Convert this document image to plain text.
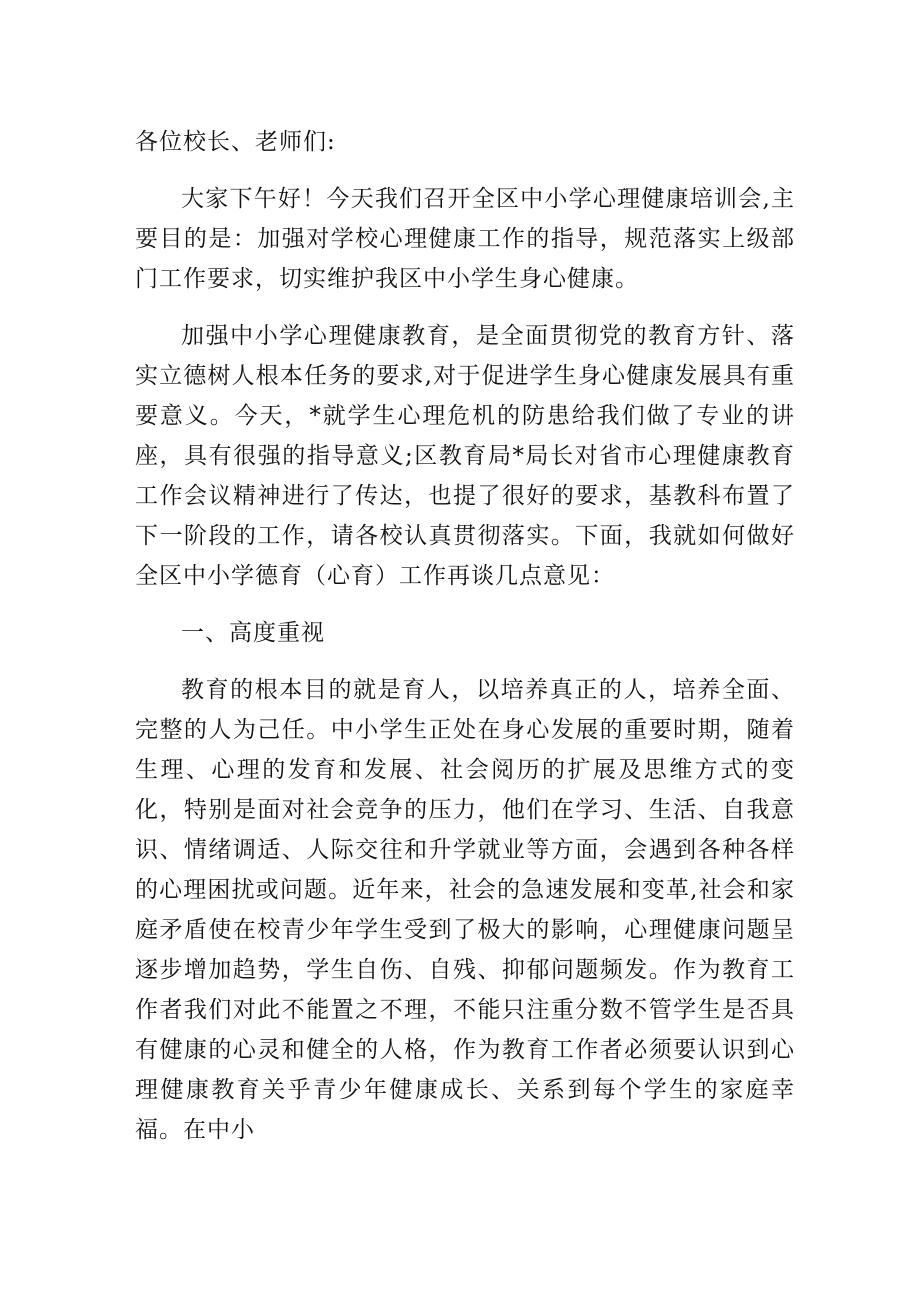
各位校长、老师们:

大家下午好！今天我们召开全区中小学心理健康培训会,主要目的是：加强对学校心理健康工作的指导，规范落实上级部门工作要求，切实维护我区中小学生身心健康。

加强中小学心理健康教育，是全面贯彻党的教育方针、落实立德树人根本任务的要求,对于促进学生身心健康发展具有重要意义。今天，*就学生心理危机的防患给我们做了专业的讲座，具有很强的指导意义;区教育局*局长对省市心理健康教育工作会议精神进行了传达，也提了很好的要求，基教科布置了下一阶段的工作，请各校认真贯彻落实。下面，我就如何做好全区中小学德育（心育）工作再谈几点意见：

一、高度重视

教育的根本目的就是育人，以培养真正的人，培养全面、完整的人为己任。中小学生正处在身心发展的重要时期，随着生理、心理的发育和发展、社会阅历的扩展及思维方式的变化，特别是面对社会竞争的压力，他们在学习、生活、自我意识、情绪调适、人际交往和升学就业等方面，会遇到各种各样的心理困扰或问题。近年来，社会的急速发展和变革,社会和家庭矛盾使在校青少年学生受到了极大的影响，心理健康问题呈逐步增加趋势，学生自伤、自残、抑郁问题频发。作为教育工作者我们对此不能置之不理，不能只注重分数不管学生是否具有健康的心灵和健全的人格，作为教育工作者必须要认识到心理健康教育关乎青少年健康成长、关系到每个学生的家庭幸福。在中小
